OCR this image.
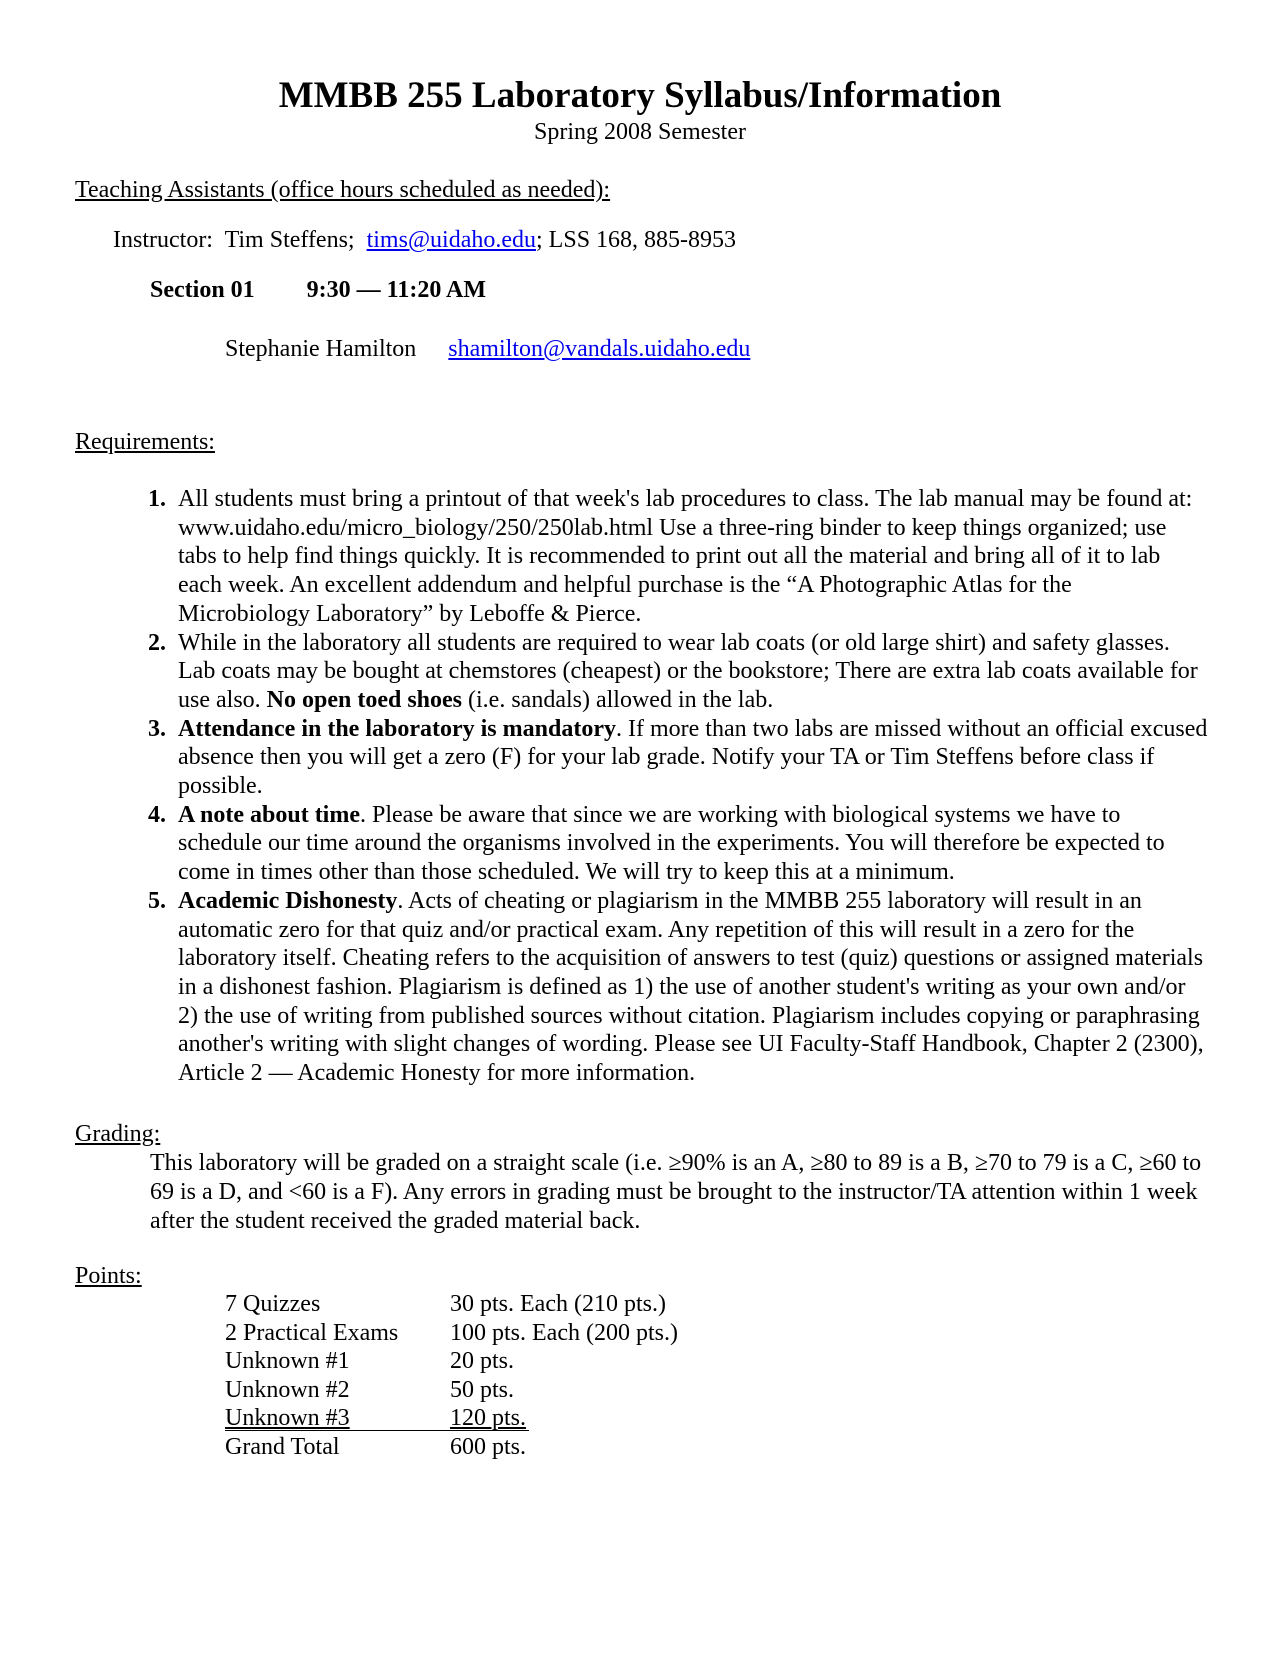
MMBB 255 Laboratory Syllabus/Information
Spring 2008 Semester
Teaching Assistants (office hours scheduled as needed):
Instructor: Tim Steffens; tims@uidaho.edu; LSS 168, 885-8953
Section 01 9:30 — 11:20 AM
Stephanie Hamilton shamilton@vandals.uidaho.edu
Requirements:
1. All students must bring a printout of that week's lab procedures to class. The lab manual may be found at: www.uidaho.edu/micro_biology/250/250lab.html Use a three-ring binder to keep things organized; use tabs to help find things quickly. It is recommended to print out all the material and bring all of it to lab each week. An excellent addendum and helpful purchase is the “A Photographic Atlas for the Microbiology Laboratory” by Leboffe & Pierce.
2. While in the laboratory all students are required to wear lab coats (or old large shirt) and safety glasses. Lab coats may be bought at chemstores (cheapest) or the bookstore; There are extra lab coats available for use also. No open toed shoes (i.e. sandals) allowed in the lab.
3. Attendance in the laboratory is mandatory. If more than two labs are missed without an official excused absence then you will get a zero (F) for your lab grade. Notify your TA or Tim Steffens before class if possible.
4. A note about time. Please be aware that since we are working with biological systems we have to schedule our time around the organisms involved in the experiments. You will therefore be expected to come in times other than those scheduled. We will try to keep this at a minimum.
5. Academic Dishonesty. Acts of cheating or plagiarism in the MMBB 255 laboratory will result in an automatic zero for that quiz and/or practical exam. Any repetition of this will result in a zero for the laboratory itself. Cheating refers to the acquisition of answers to test (quiz) questions or assigned materials in a dishonest fashion. Plagiarism is defined as 1) the use of another student's writing as your own and/or 2) the use of writing from published sources without citation. Plagiarism includes copying or paraphrasing another's writing with slight changes of wording. Please see UI Faculty-Staff Handbook, Chapter 2 (2300), Article 2 — Academic Honesty for more information.
Grading:
This laboratory will be graded on a straight scale (i.e. ≥90% is an A, ≥80 to 89 is a B, ≥70 to 79 is a C, ≥60 to 69 is a D, and <60 is a F). Any errors in grading must be brought to the instructor/TA attention within 1 week after the student received the graded material back.
Points:
7 Quizzes	30 pts. Each (210 pts.)
2 Practical Exams	100 pts. Each (200 pts.)
Unknown #1	20 pts.
Unknown #2	50 pts.
Unknown #3	120 pts.
Grand Total	600 pts.
